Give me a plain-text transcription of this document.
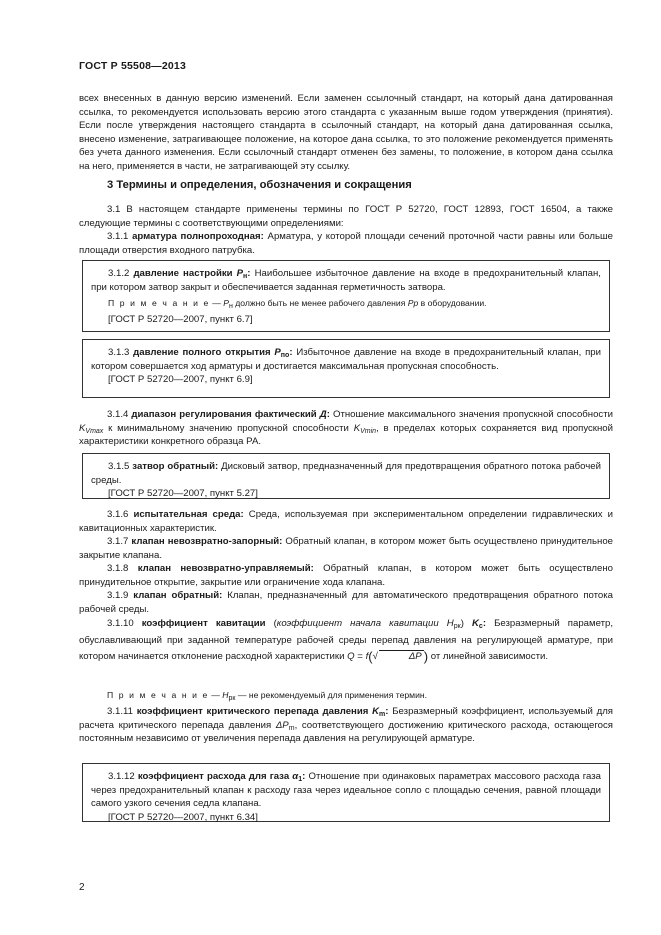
ГОСТ Р 55508—2013

всех внесенных в данную версию изменений. Если заменен ссылочный стандарт, на который дана датированная ссылка, то рекомендуется использовать версию этого стандарта с указанным выше годом утверждения (принятия). Если после утверждения настоящего стандарта в ссылочный стандарт, на который дана датированная ссылка, внесено изменение, затрагивающее положение, на которое дана ссылка, то это положение рекомендуется применять без учета данного изменения. Если ссылочный стандарт отменен без замены, то положение, в котором дана ссылка на него, применяется в части, не затрагивающей эту ссылку.

3 Термины и определения, обозначения и сокращения

3.1 В настоящем стандарте применены термины по ГОСТ Р 52720, ГОСТ 12893, ГОСТ 16504, а также следующие термины с соответствующими определениями:

3.1.1 арматура полнопроходная: Арматура, у которой площади сечений проточной части равны или больше площади отверстия входного патрубка.

3.1.2 давление настройки $P_н$: Наибольшее избыточное давление на входе в предохранительный клапан, при котором затвор закрыт и обеспечивается заданная герметичность затвора.

П р и м е ч а н и е — $P_н$ должно быть не менее рабочего давления Рр в оборудовании.

[ГОСТ Р 52720—2007, пункт 6.7]

3.1.3 давление полного открытия $P_{по}$: Избыточное давление на входе в предохранительный клапан, при котором совершается ход арматуры и достигается максимальная пропускная способность.

[ГОСТ Р 52720—2007, пункт 6.9]

3.1.4 диапазон регулирования фактический Д: Отношение максимального значения пропускной способности $K_{Vmax}$ к минимальному значению пропускной способности $K_{Vmin}$, в пределах которых сохраняется вид пропускной характеристики конкретного образца РА.

3.1.5 затвор обратный: Дисковый затвор, предназначенный для предотвращения обратного потока рабочей среды.

[ГОСТ Р 52720—2007, пункт 5.27]

3.1.6 испытательная среда: Среда, используемая при экспериментальном определении гидравлических и кавитационных характеристик.

3.1.7 клапан невозвратно-запорный: Обратный клапан, в котором может быть осуществлено принудительное закрытие клапана.

3.1.8 клапан невозвратно-управляемый: Обратный клапан, в котором может быть осуществлено принудительное открытие, закрытие или ограничение хода клапана.

3.1.9 клапан обратный: Клапан, предназначенный для автоматического предотвращения обратного потока рабочей среды.

3.1.10 коэффициент кавитации (коэффициент начала кавитации $H_{рк}$) $K_c$: Безразмерный параметр, обуславливающий при заданной температуре рабочей среды перепад давления на регулирующей арматуре, при котором начинается отклонение расходной характеристики Q = f(√	ΔP ) от линейной зависимости.

П р и м е ч а н и е — $H_{рк}$ — не рекомендуемый для применения термин.

3.1.11 коэффициент критического перепада давления $K_m$: Безразмерный коэффициент, используемый для расчета критического перепада давления $\Delta P_m$, соответствующего достижению критического расхода, остающегося постоянным независимо от увеличения перепада давления на регулирующей арматуре.

3.1.12 коэффициент расхода для газа $\alpha_1$: Отношение при одинаковых параметрах массового расхода газа через предохранительный клапан к расходу газа через идеальное сопло с площадью сечения, равной площади самого узкого сечения седла клапана.

[ГОСТ Р 52720—2007, пункт 6.34]

2
